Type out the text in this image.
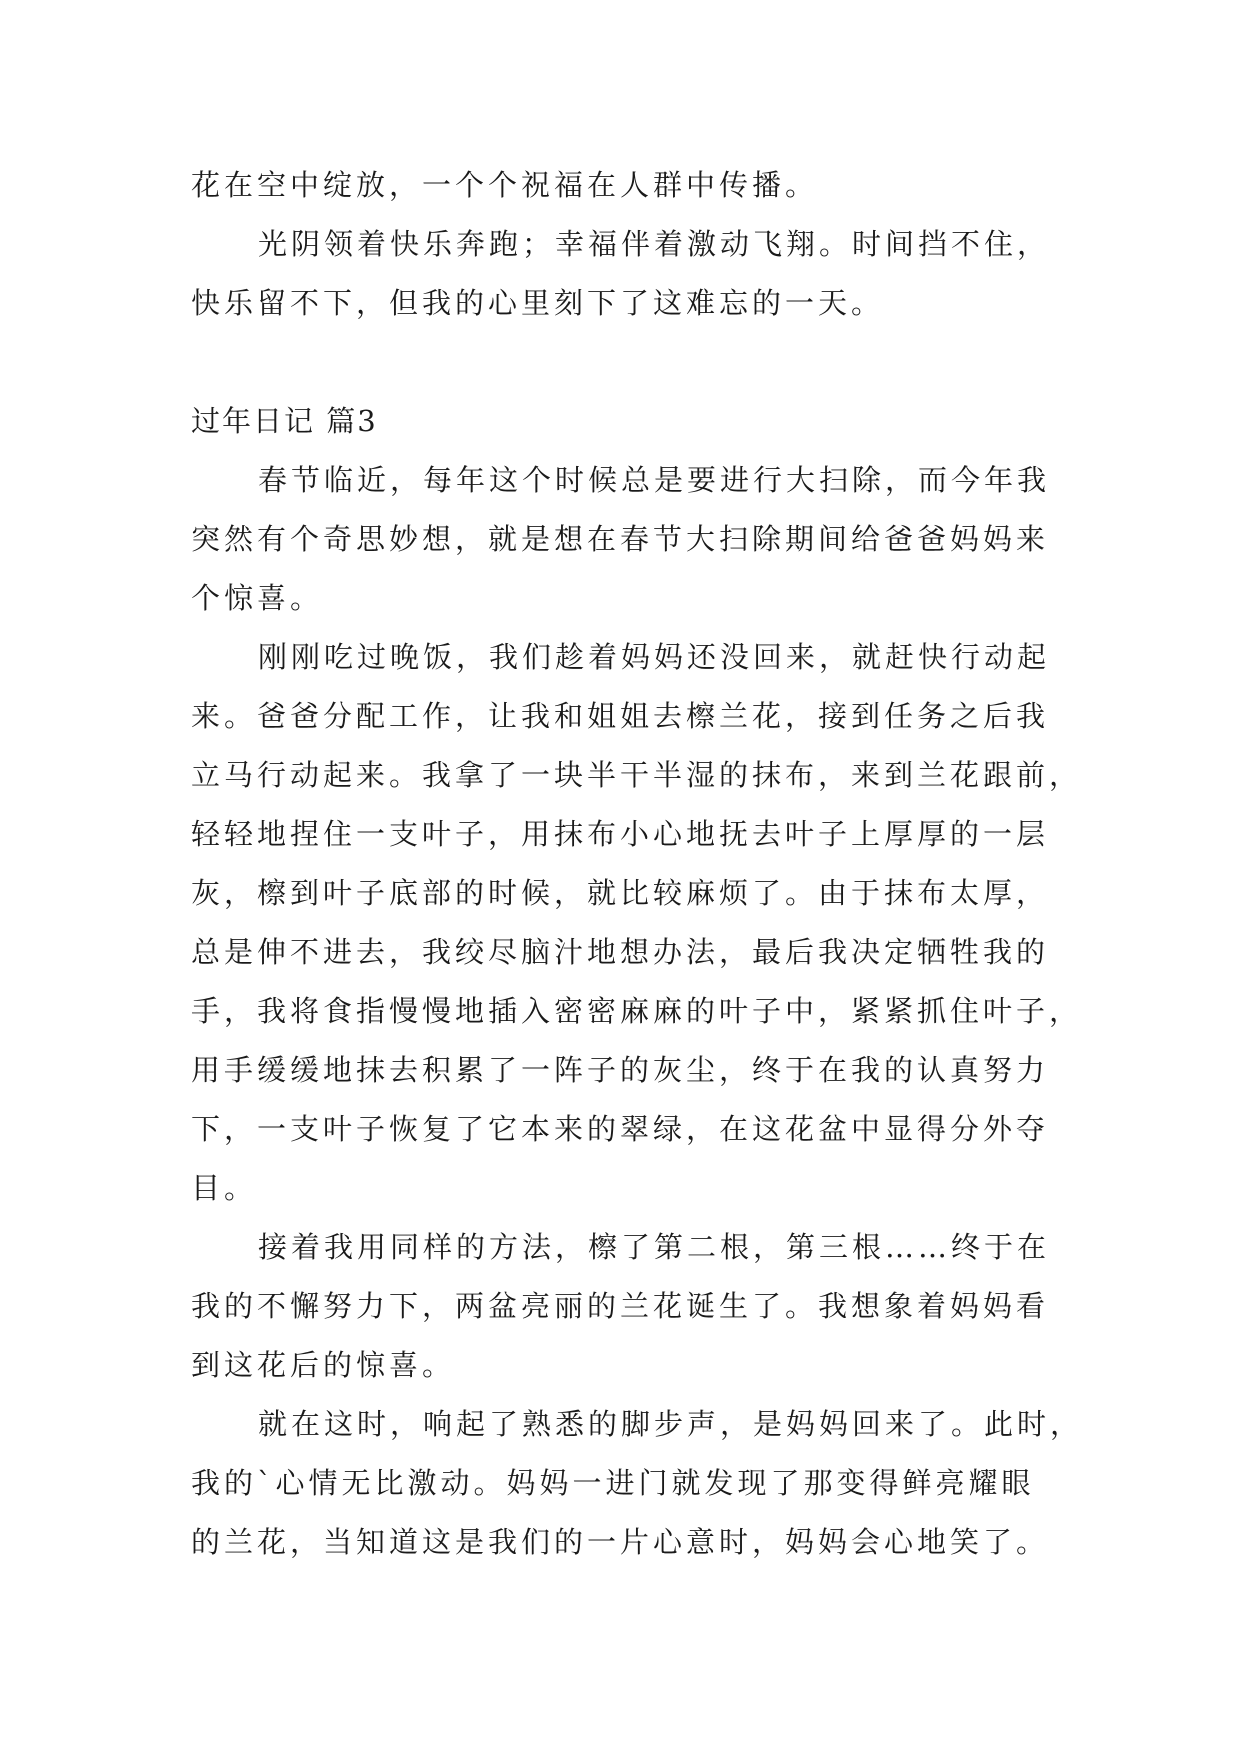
花在空中绽放，一个个祝福在人群中传播。
光阴领着快乐奔跑；幸福伴着激动飞翔。时间挡不住，
快乐留不下，但我的心里刻下了这难忘的一天。
过年日记 篇3
春节临近，每年这个时候总是要进行大扫除，而今年我
突然有个奇思妙想，就是想在春节大扫除期间给爸爸妈妈来
个惊喜。
刚刚吃过晚饭，我们趁着妈妈还没回来，就赶快行动起
来。爸爸分配工作，让我和姐姐去檫兰花，接到任务之后我
立马行动起来。我拿了一块半干半湿的抹布，来到兰花跟前，
轻轻地捏住一支叶子，用抹布小心地抚去叶子上厚厚的一层
灰，檫到叶子底部的时候，就比较麻烦了。由于抹布太厚，
总是伸不进去，我绞尽脑汁地想办法，最后我决定牺牲我的
手，我将食指慢慢地插入密密麻麻的叶子中，紧紧抓住叶子，
用手缓缓地抹去积累了一阵子的灰尘，终于在我的认真努力
下，一支叶子恢复了它本来的翠绿，在这花盆中显得分外夺
目。
接着我用同样的方法，檫了第二根，第三根……终于在
我的不懈努力下，两盆亮丽的兰花诞生了。我想象着妈妈看
到这花后的惊喜。
就在这时，响起了熟悉的脚步声，是妈妈回来了。此时，
我的`心情无比激动。妈妈一进门就发现了那变得鲜亮耀眼
的兰花，当知道这是我们的一片心意时，妈妈会心地笑了。
